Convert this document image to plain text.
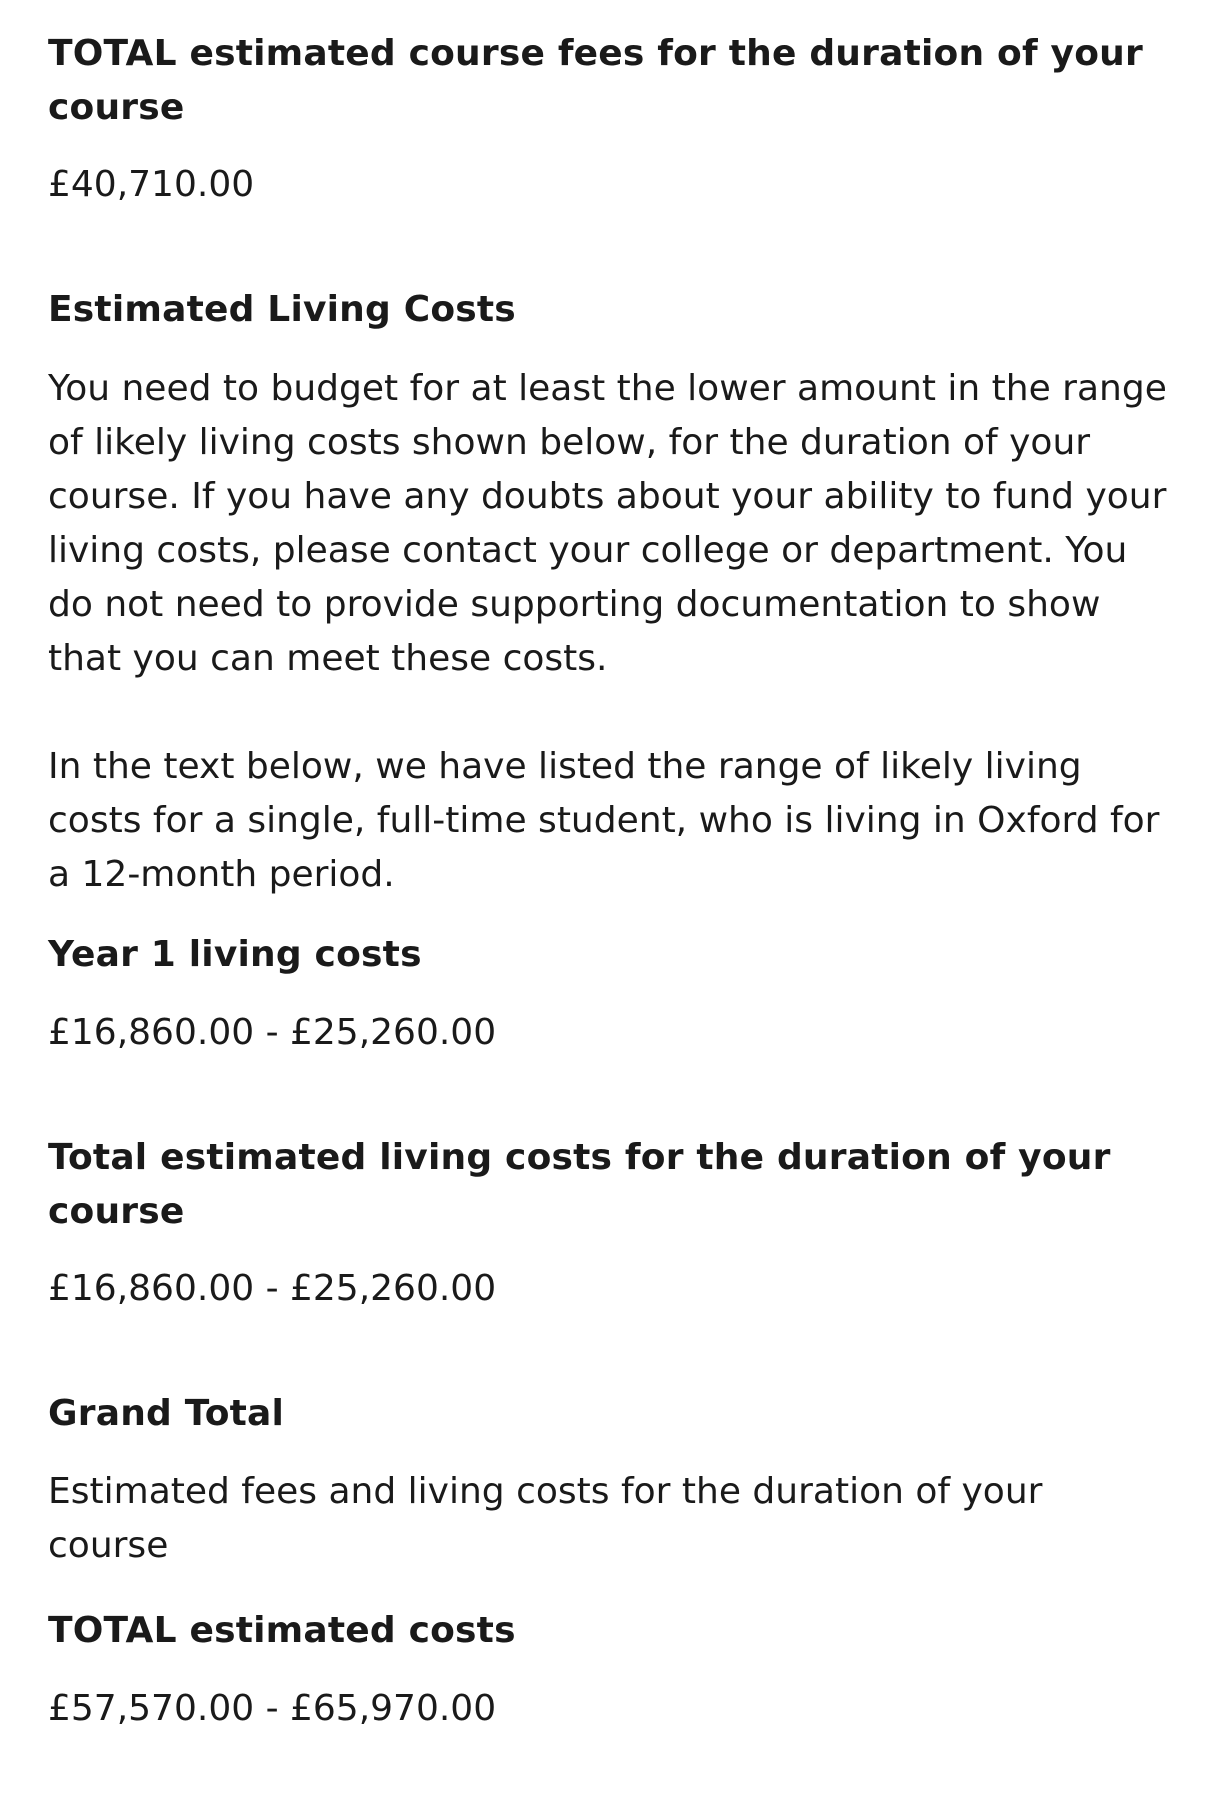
TOTAL estimated course fees for the duration of your course

£40,710.00

Estimated Living Costs

You need to budget for at least the lower amount in the range of likely living costs shown below, for the duration of your course. If you have any doubts about your ability to fund your living costs, please contact your college or department. You do not need to provide supporting documentation to show that you can meet these costs.

In the text below, we have listed the range of likely living costs for a single, full-time student, who is living in Oxford for a 12-month period.

Year 1 living costs

£16,860.00 - £25,260.00

Total estimated living costs for the duration of your course

£16,860.00 - £25,260.00

Grand Total

Estimated fees and living costs for the duration of your course

TOTAL estimated costs

£57,570.00 - £65,970.00
